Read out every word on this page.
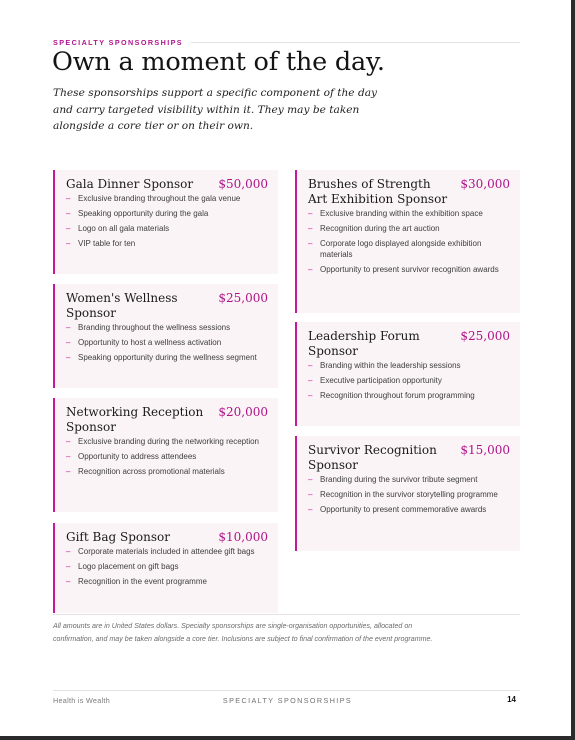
SPECIALTY SPONSORSHIPS
Own a moment of the day.

These sponsorships support a specific component of the day and carry targeted visibility within it. They may be taken alongside a core tier or on their own.

Gala Dinner Sponsor $50,000
– Exclusive branding throughout the gala venue
– Speaking opportunity during the gala
– Logo on all gala materials
– VIP table for ten
Women's Wellness Sponsor
$25,000
– Branding throughout the wellness sessions
– Opportunity to host a wellness activation
– Speaking opportunity during the wellness segment
Networking Reception Sponsor
$20,000
– Exclusive branding during the networking reception
– Opportunity to address attendees
– Recognition across promotional materials
Gift Bag Sponsor	$10,000
– Corporate materials included in attendee gift bags
– Logo placement on gift bags
– Recognition in the event programme
Brushes of Strength Art Exhibition Sponsor
$30,000
– Exclusive branding within the exhibition space
– Recognition during the art auction
– Corporate logo displayed alongside exhibition materials
– Opportunity to present survivor recognition awards
Leadership Forum Sponsor
$25,000
– Branding within the leadership sessions
– Executive participation opportunity
– Recognition throughout forum programming
Survivor Recognition Sponsor
$15,000
– Branding during the survivor tribute segment
– Recognition in the survivor storytelling programme
– Opportunity to present commemorative awards

All amounts are in United States dollars. Specialty sponsorships are single-organisation opportunities, allocated on confirmation, and may be taken alongside a core tier. Inclusions are subject to final confirmation of the event programme.

Health is Wealth	SPECIALTY SPONSORSHIPS	14
